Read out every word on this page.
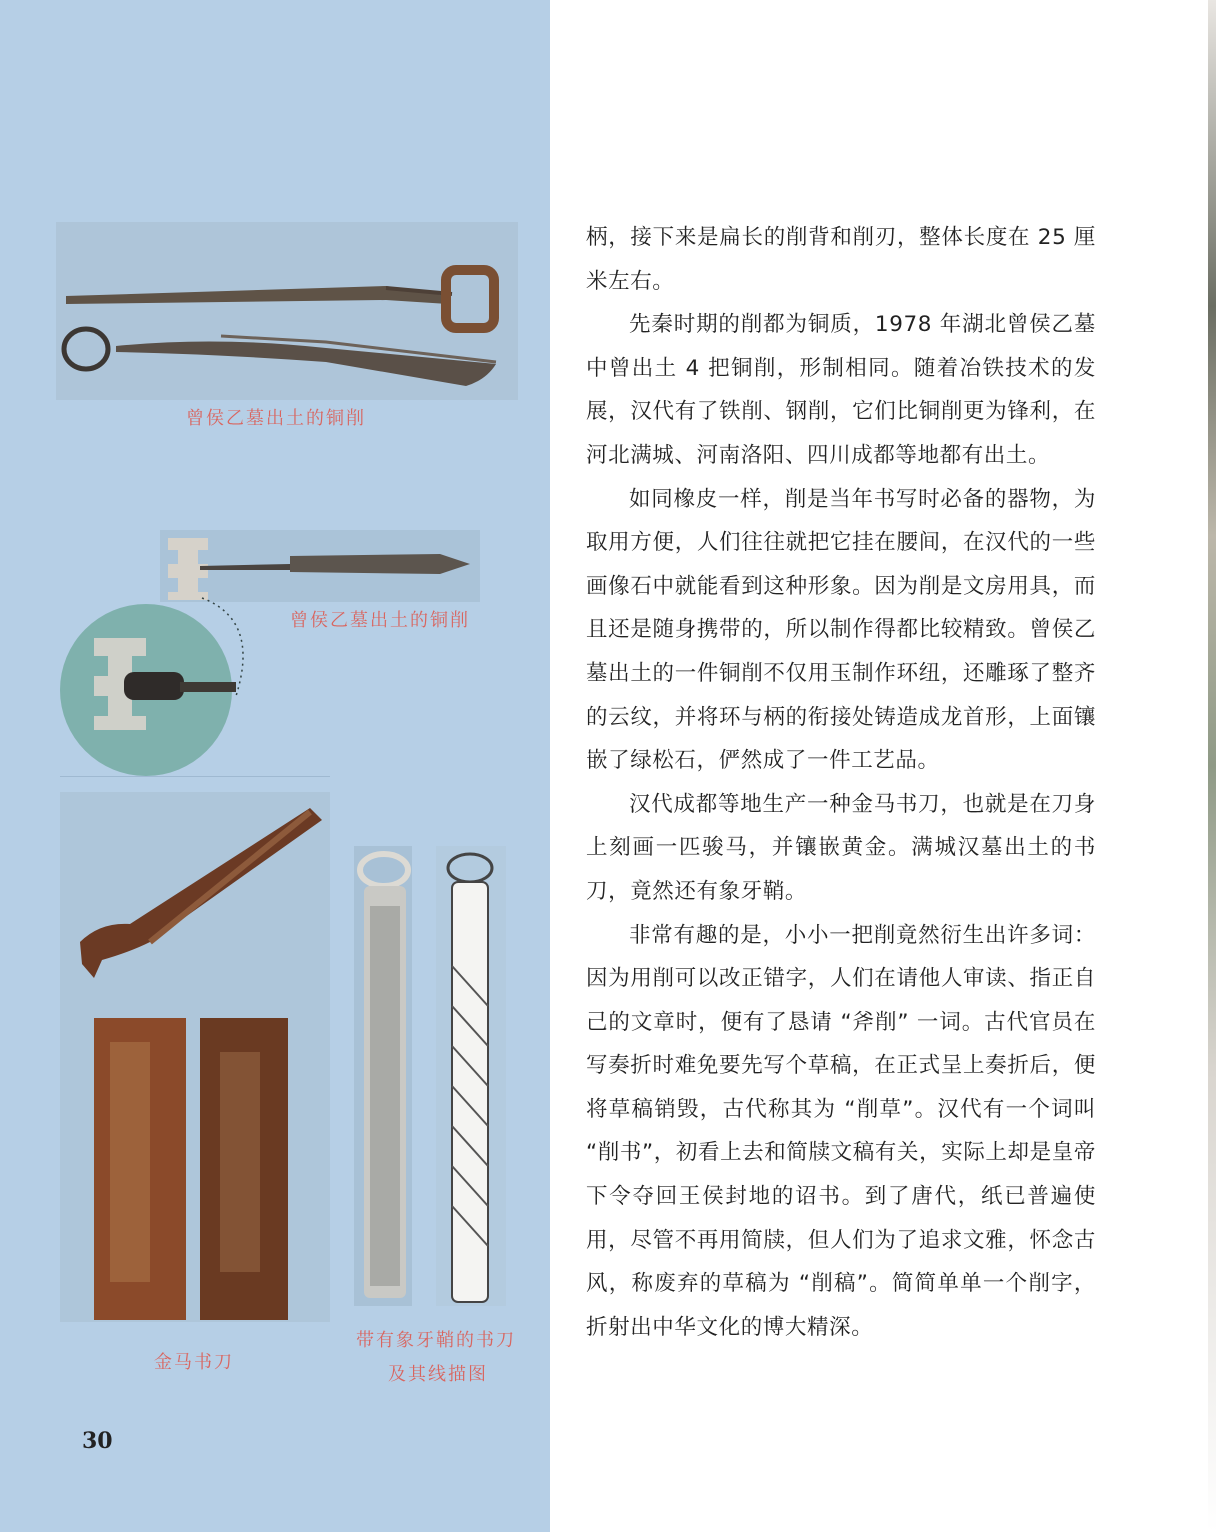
曾侯乙墓出土的铜削
曾侯乙墓出土的铜削
金马书刀
带有象牙鞘的书刀
及其线描图
30

柄，接下来是扁长的削背和削刃，整体长度在 25 厘米左右。

先秦时期的削都为铜质，1978 年湖北曾侯乙墓中曾出土 4 把铜削，形制相同。随着冶铁技术的发展，汉代有了铁削、钢削，它们比铜削更为锋利，在河北满城、河南洛阳、四川成都等地都有出土。

如同橡皮一样，削是当年书写时必备的器物，为取用方便，人们往往就把它挂在腰间，在汉代的一些画像石中就能看到这种形象。因为削是文房用具，而且还是随身携带的，所以制作得都比较精致。曾侯乙墓出土的一件铜削不仅用玉制作环纽，还雕琢了整齐的云纹，并将环与柄的衔接处铸造成龙首形，上面镶嵌了绿松石，俨然成了一件工艺品。

汉代成都等地生产一种金马书刀，也就是在刀身上刻画一匹骏马，并镶嵌黄金。满城汉墓出土的书刀，竟然还有象牙鞘。

非常有趣的是，小小一把削竟然衍生出许多词：因为用削可以改正错字，人们在请他人审读、指正自己的文章时，便有了恳请 “斧削” 一词。古代官员在写奏折时难免要先写个草稿，在正式呈上奏折后，便将草稿销毁，古代称其为 “削草”。汉代有一个词叫 “削书”，初看上去和简牍文稿有关，实际上却是皇帝下令夺回王侯封地的诏书。到了唐代，纸已普遍使用，尽管不再用简牍，但人们为了追求文雅，怀念古风，称废弃的草稿为 “削稿”。简简单单一个削字，折射出中华文化的博大精深。
